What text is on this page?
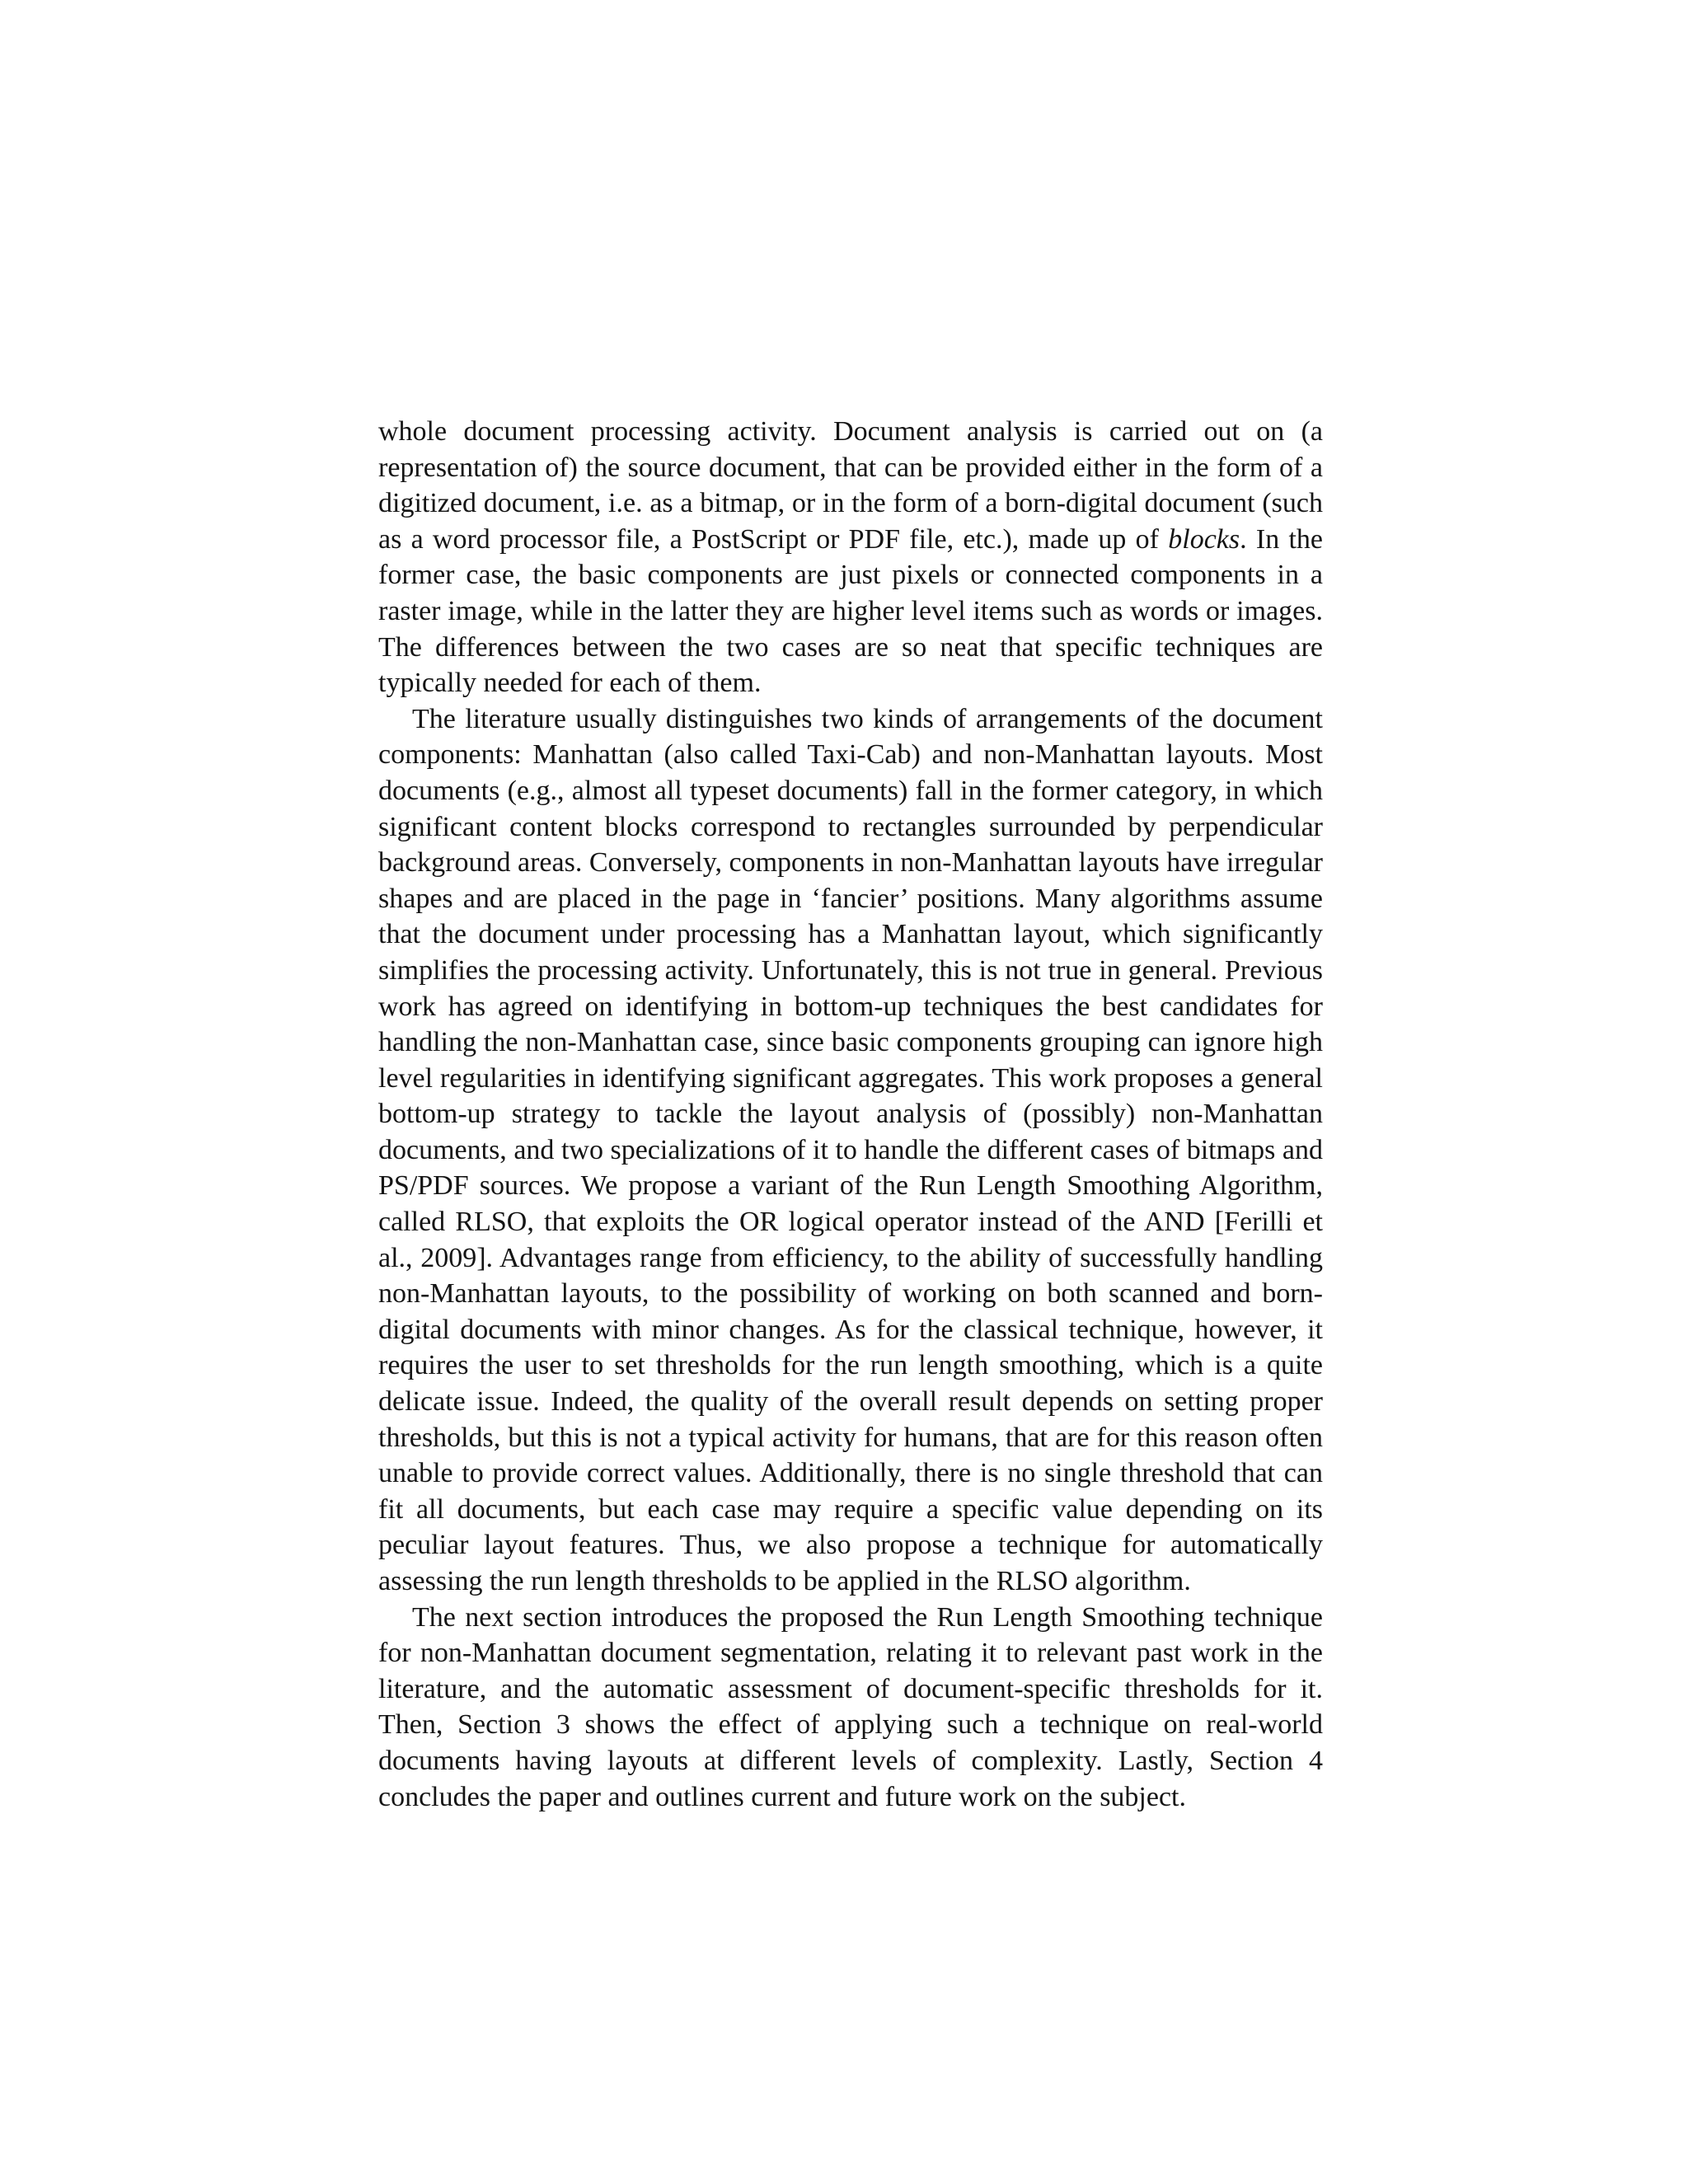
whole document processing activity. Document analysis is carried out on (a representation of) the source document, that can be provided either in the form of a digitized document, i.e. as a bitmap, or in the form of a born-digital document (such as a word processor file, a PostScript or PDF file, etc.), made up of blocks. In the former case, the basic components are just pixels or connected components in a raster image, while in the latter they are higher level items such as words or images. The differences between the two cases are so neat that specific techniques are typically needed for each of them.

The literature usually distinguishes two kinds of arrangements of the document components: Manhattan (also called Taxi-Cab) and non-Manhattan layouts. Most documents (e.g., almost all typeset documents) fall in the former category, in which significant content blocks correspond to rectangles surrounded by perpendicular background areas. Conversely, components in non-Manhattan layouts have irregular shapes and are placed in the page in ‘fancier’ positions. Many algorithms assume that the document under processing has a Manhattan layout, which significantly simplifies the processing activity. Unfortunately, this is not true in general. Previous work has agreed on identifying in bottom-up techniques the best candidates for handling the non-Manhattan case, since basic components grouping can ignore high level regularities in identifying significant aggregates. This work proposes a general bottom-up strategy to tackle the layout analysis of (possibly) non-Manhattan documents, and two specializations of it to handle the different cases of bitmaps and PS/PDF sources. We propose a variant of the Run Length Smoothing Algorithm, called RLSO, that exploits the OR logical operator instead of the AND [Ferilli et al., 2009]. Advantages range from efficiency, to the ability of successfully handling non-Manhattan layouts, to the possibility of working on both scanned and born-digital documents with minor changes. As for the classical technique, however, it requires the user to set thresholds for the run length smoothing, which is a quite delicate issue. Indeed, the quality of the overall result depends on setting proper thresholds, but this is not a typical activity for humans, that are for this reason often unable to provide correct values. Additionally, there is no single threshold that can fit all documents, but each case may require a specific value depending on its peculiar layout features. Thus, we also propose a technique for automatically assessing the run length thresholds to be applied in the RLSO algorithm.

The next section introduces the proposed the Run Length Smoothing technique for non-Manhattan document segmentation, relating it to relevant past work in the literature, and the automatic assessment of document-specific thresholds for it. Then, Section 3 shows the effect of applying such a technique on real-world documents having layouts at different levels of complexity. Lastly, Section 4 concludes the paper and outlines current and future work on the subject.
